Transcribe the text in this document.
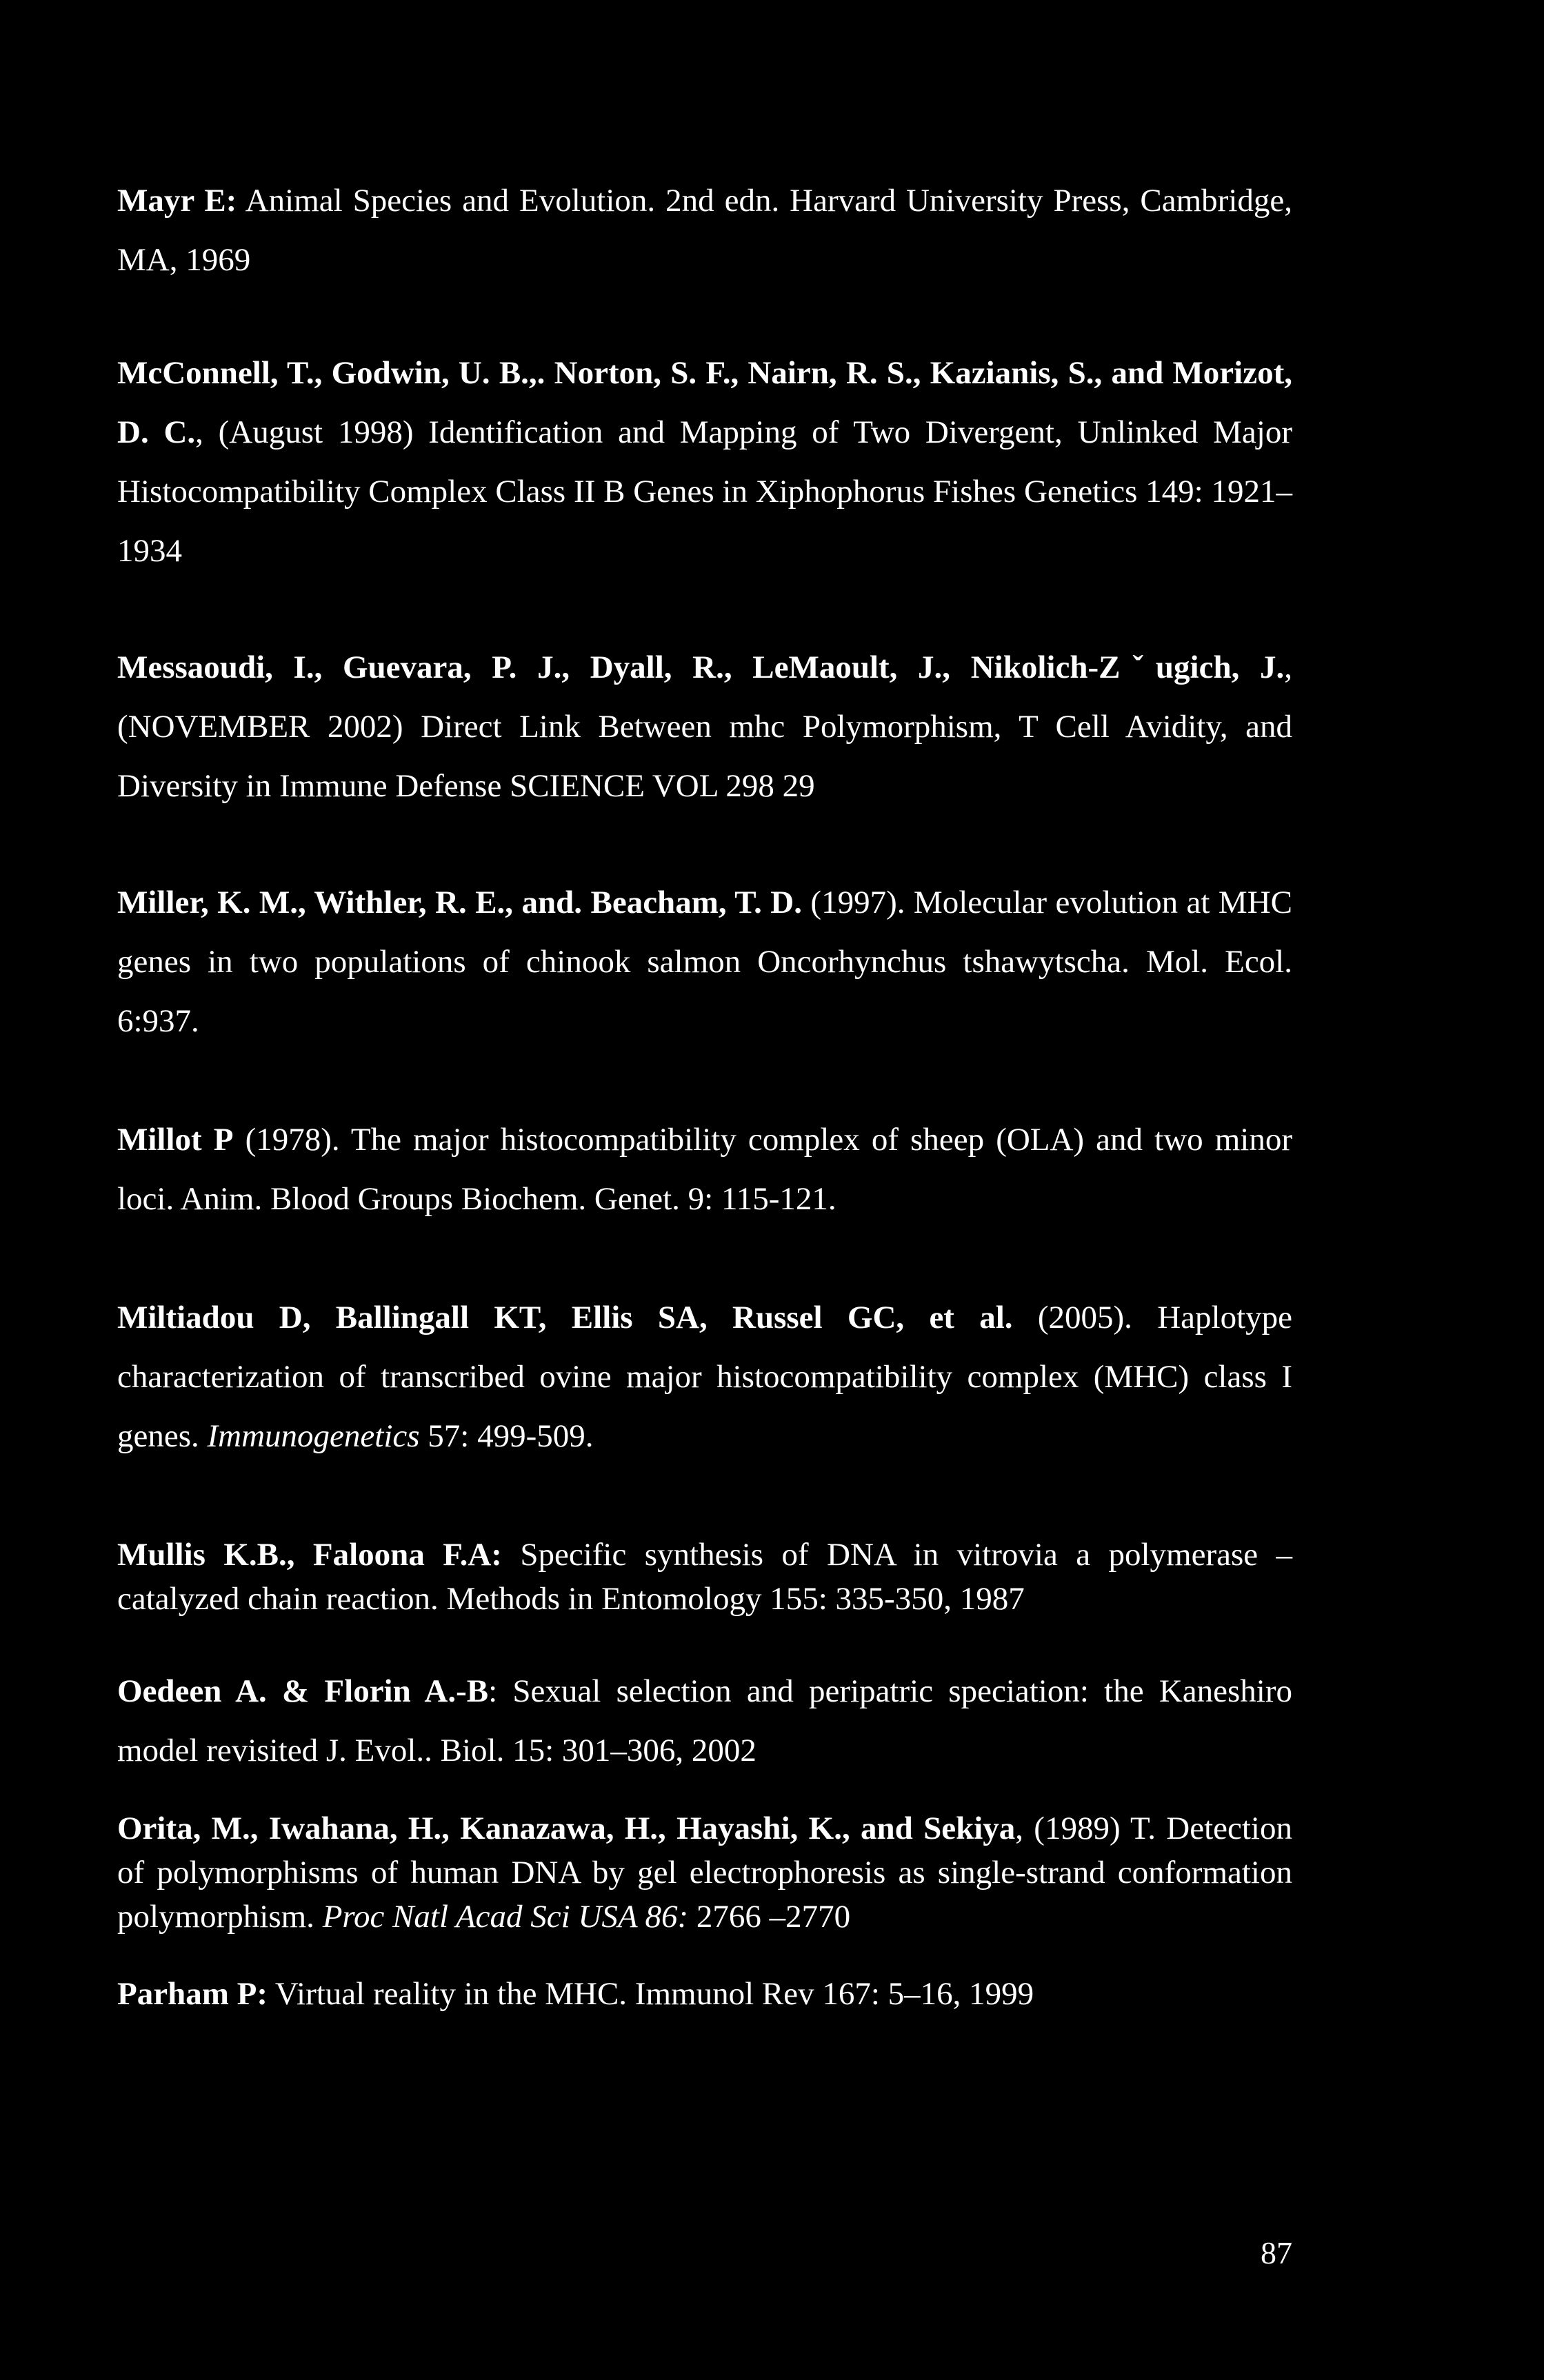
Mayr E: Animal Species and Evolution. 2nd edn. Harvard University Press, Cambridge, MA, 1969

McConnell, T., Godwin, U. B.,. Norton, S. F., Nairn, R. S., Kazianis, S., and Morizot, D. C., (August 1998) Identification and Mapping of Two Divergent, Unlinked Major Histocompatibility Complex Class II B Genes in Xiphophorus Fishes Genetics 149: 1921–1934

Messaoudi, I., Guevara, P. J., Dyall, R., LeMaoult, J., Nikolich-Zˇugich, J., (NOVEMBER 2002) Direct Link Between mhc Polymorphism, T Cell Avidity, and Diversity in Immune Defense SCIENCE VOL 298 29

Miller, K. M., Withler, R. E., and. Beacham, T. D. (1997). Molecular evolution at MHC genes in two populations of chinook salmon Oncorhynchus tshawytscha. Mol. Ecol. 6:937.

Millot P (1978). The major histocompatibility complex of sheep (OLA) and two minor loci. Anim. Blood Groups Biochem. Genet. 9: 115-121.

Miltiadou D, Ballingall KT, Ellis SA, Russel GC, et al. (2005). Haplotype characterization of transcribed ovine major histocompatibility complex (MHC) class I genes. Immunogenetics 57: 499-509.

Mullis K.B., Faloona F.A: Specific synthesis of DNA in vitrovia a polymerase – catalyzed chain reaction. Methods in Entomology 155: 335-350, 1987

Oedeen A. & Florin A.-B: Sexual selection and peripatric speciation: the Kaneshiro model revisited J. Evol.. Biol. 15: 301–306, 2002

Orita, M., Iwahana, H., Kanazawa, H., Hayashi, K., and Sekiya, (1989) T. Detection of polymorphisms of human DNA by gel electrophoresis as single-strand conformation polymorphism. Proc Natl Acad Sci USA 86: 2766 –2770

Parham P: Virtual reality in the MHC. Immunol Rev 167: 5–16, 1999

87
